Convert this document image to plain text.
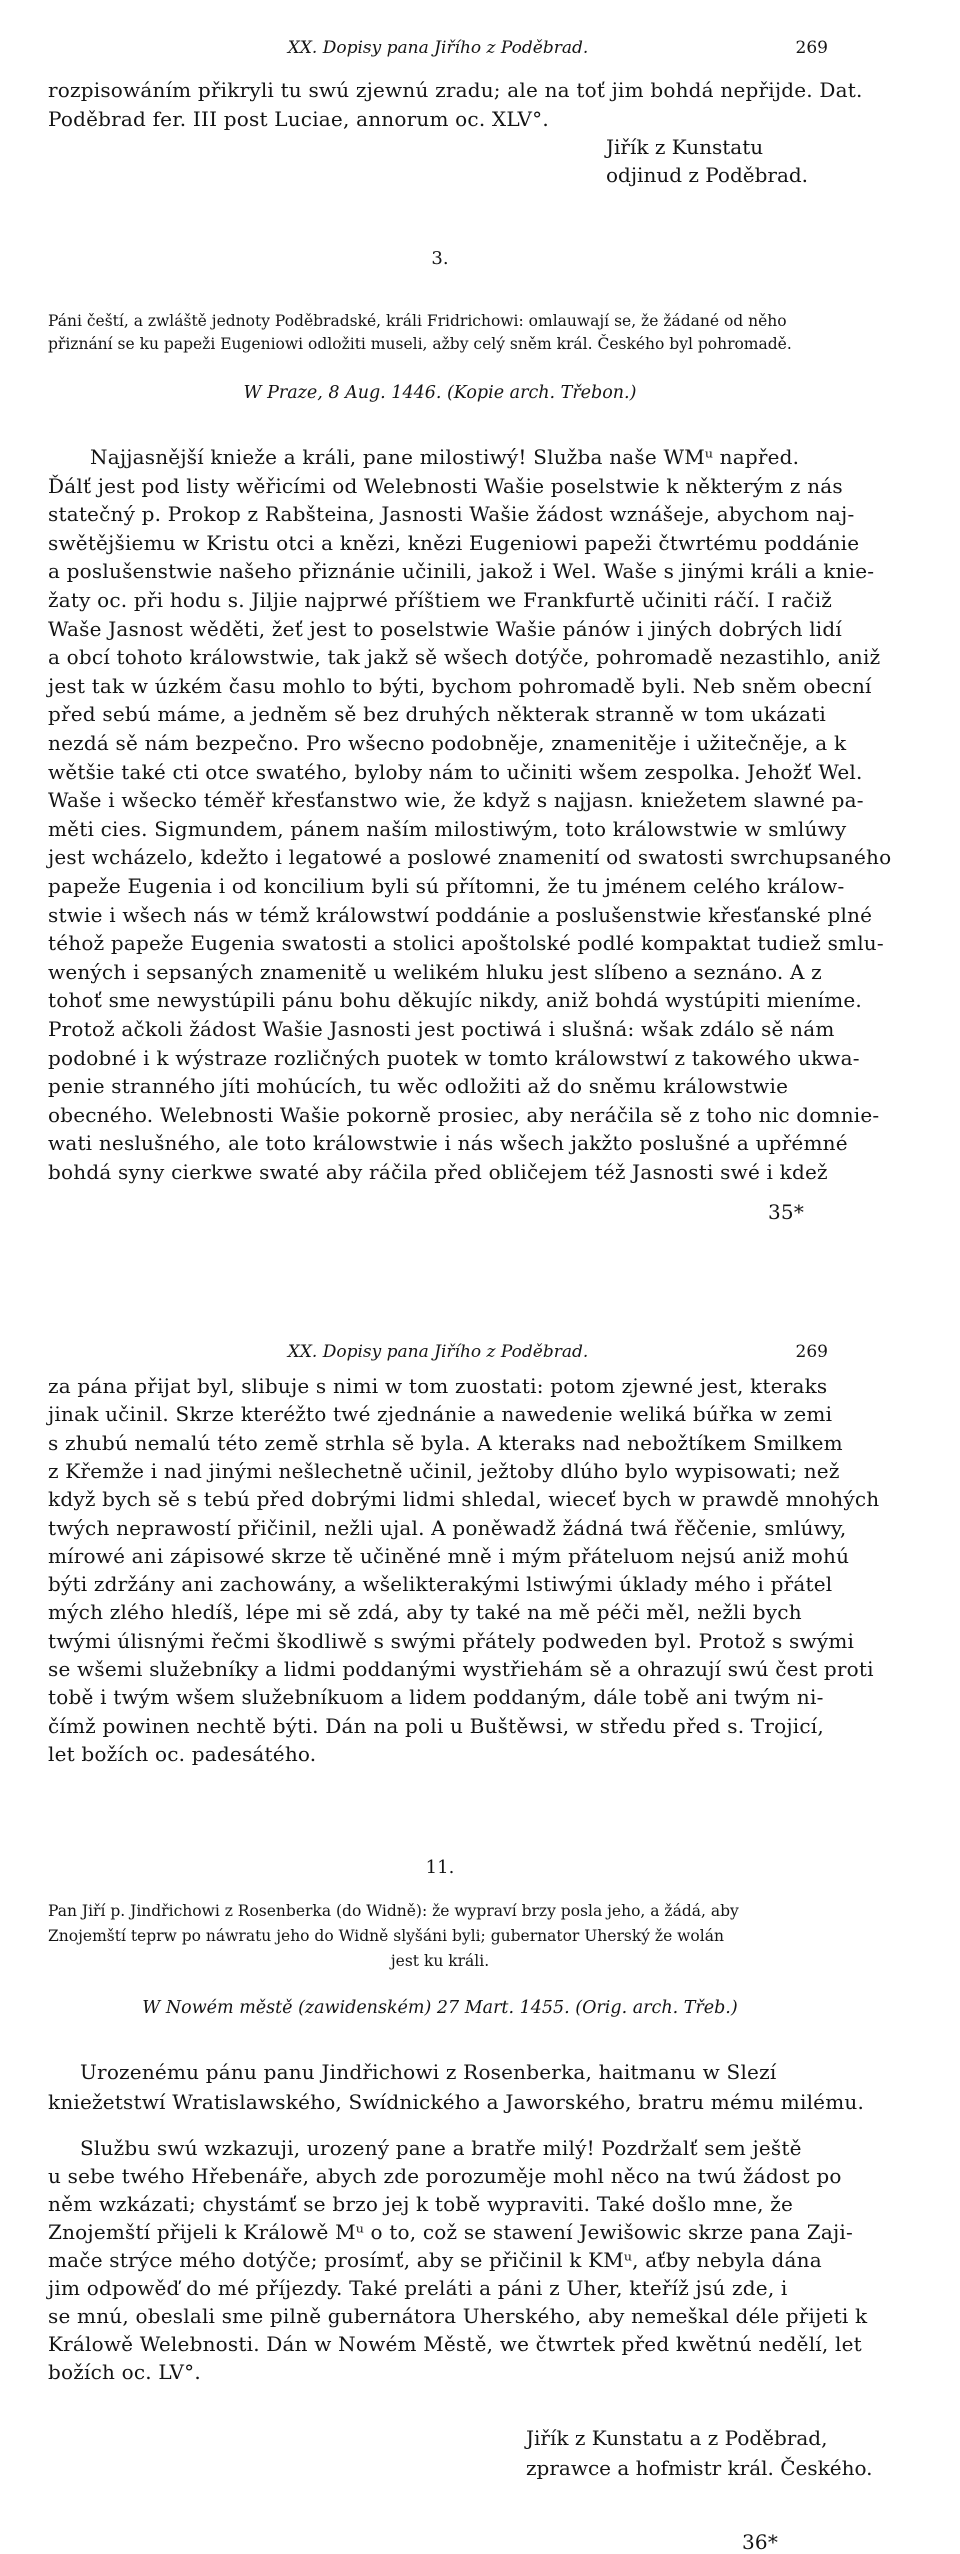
XX. Dopisy pana Jiřího z Poděbrad.	269
rozpisowáním přikryli tu swú zjewnú zradu; ale na toť jim bohdá nepřijde. Dat.
Poděbrad fer. III post Luciae, annorum oc. XLV°.
Jiřík z Kunstatu
odjinud z Poděbrad.
3.
Páni čeští, a zwláště jednoty Poděbradské, králi Fridrichowi: omlauwají se, že žádané od něho
přiznání se ku papeži Eugeniowi odložiti museli, ažby celý sněm král. Českého byl pohromadě.
W Praze, 8 Aug. 1446. (Kopie arch. Třebon.)
Najjasnější knieže a králi, pane milostiwý! Služba naše WMᵘ napřed.
Ďálť jest pod listy wěřicími od Welebnosti Wašie poselstwie k některým z nás
statečný p. Prokop z Rabšteina, Jasnosti Wašie žádost wznášeje, abychom naj-
swětějšiemu w Kristu otci a knězi, knězi Eugeniowi papeži čtwrtému poddánie
a poslušenstwie našeho přiznánie učinili, jakož i Wel. Waše s jinými králi a knie-
žaty oc. při hodu s. Jiljie najprwé příštiem we Frankfurtě učiniti ráčí. I račiž
Waše Jasnost wěděti, žeť jest to poselstwie Wašie pánów i jiných dobrých lidí
a obcí tohoto králowstwie, tak jakž sě wšech dotýče, pohromadě nezastihlo, aniž
jest tak w úzkém času mohlo to býti, bychom pohromadě byli. Neb sněm obecní
před sebú máme, a jedněm sě bez druhých některak stranně w tom ukázati
nezdá sě nám bezpečno. Pro wšecno podobněje, znamenitěje i užitečněje, a k
wětšie také cti otce swatého, byloby nám to učiniti wšem zespolka. Jehožť Wel.
Waše i wšecko téměř křesťanstwo wie, že když s najjasn. kniežetem slawné pa-
měti cies. Sigmundem, pánem naším milostiwým, toto králowstwie w smlúwy
jest wcházelo, kdežto i legatowé a poslowé znamenití od swatosti swrchupsaného
papeže Eugenia i od koncilium byli sú přítomni, že tu jménem celého králow-
stwie i wšech nás w témž králowstwí poddánie a poslušenstwie křesťanské plné
téhož papeže Eugenia swatosti a stolici apoštolské podlé kompaktat tudiež smlu-
wených i sepsaných znamenitě u welikém hluku jest slíbeno a seznáno. A z
tohoť sme newystúpili pánu bohu děkujíc nikdy, aniž bohdá wystúpiti mieníme.
Protož ačkoli žádost Wašie Jasnosti jest poctiwá i slušná: wšak zdálo sě nám
podobné i k wýstraze rozličných puotek w tomto králowstwí z takowého ukwa-
penie stranného jíti mohúcích, tu wěc odložiti až do sněmu králowstwie
obecného. Welebnosti Wašie pokorně prosiec, aby neráčila sě z toho nic domnie-
wati neslušného, ale toto králowstwie i nás wšech jakžto poslušné a upřémné
bohdá syny cierkwe swaté aby ráčila před obličejem též Jasnosti swé i kdež
35*
XX. Dopisy pana Jiřího z Poděbrad.	269
za pána přijat byl, slibuje s nimi w tom zuostati: potom zjewné jest, kteraks
jinak učinil. Skrze kteréžto twé zjednánie a nawedenie weliká búřka w zemi
s zhubú nemalú této země strhla sě byla. A kteraks nad nebožtíkem Smilkem
z Křemže i nad jinými nešlechetně učinil, ježtoby dlúho bylo wypisowati; než
když bych sě s tebú před dobrými lidmi shledal, wieceť bych w prawdě mnohých
twých neprawostí přičinil, nežli ujal. A poněwadž žádná twá řěčenie, smlúwy,
mírowé ani zápisowé skrze tě učiněné mně i mým přáteluom nejsú aniž mohú
býti zdržány ani zachowány, a wšelikterakými lstiwými úklady mého i přátel
mých zlého hledíš, lépe mi sě zdá, aby ty také na mě péči měl, nežli bych
twými úlisnými řečmi škodliwě s swými přátely podweden byl. Protož s swými
se wšemi služebníky a lidmi poddanými wystřiehám sě a ohrazují swú čest proti
tobě i twým wšem služebníkuom a lidem poddaným, dále tobě ani twým ni-
čímž powinen nechtě býti. Dán na poli u Buštěwsi, w středu před s. Trojicí,
let božích oc. padesátého.
11.
Pan Jiří p. Jindřichowi z Rosenberka (do Widně): že wypraví brzy posla jeho, a žádá, aby
Znojemští teprw po náwratu jeho do Widně slyšáni byli; gubernator Uherský že wolán
jest ku králi.
W Nowém městě (zawidenském) 27 Mart. 1455. (Orig. arch. Třeb.)
Urozenému pánu panu Jindřichowi z Rosenberka, haitmanu w Slezí
kniežetstwí Wratislawského, Swídnického a Jaworského, bratru mému milému.
Službu swú wzkazuji, urozený pane a bratře milý! Pozdržalť sem ještě
u sebe twého Hřebenáře, abych zde porozuměje mohl něco na twú žádost po
něm wzkázati; chystámť se brzo jej k tobě wypraviti. Také došlo mne, že
Znojemští přijeli k Králowě Mᵘ o to, což se stawení Jewišowic skrze pana Zaji-
mače strýce mého dotýče; prosímť, aby se přičinil k KMᵘ, aťby nebyla dána
jim odpowěď do mé příjezdy. Také preláti a páni z Uher, kteříž jsú zde, i
se mnú, obeslali sme pilně gubernátora Uherského, aby nemeškal déle přijeti k
Králowě Welebnosti. Dán w Nowém Městě, we čtwrtek před kwětnú nedělí, let
božích oc. LV°.
Jiřík z Kunstatu a z Poděbrad,
zprawce a hofmistr král. Českého.
36*
